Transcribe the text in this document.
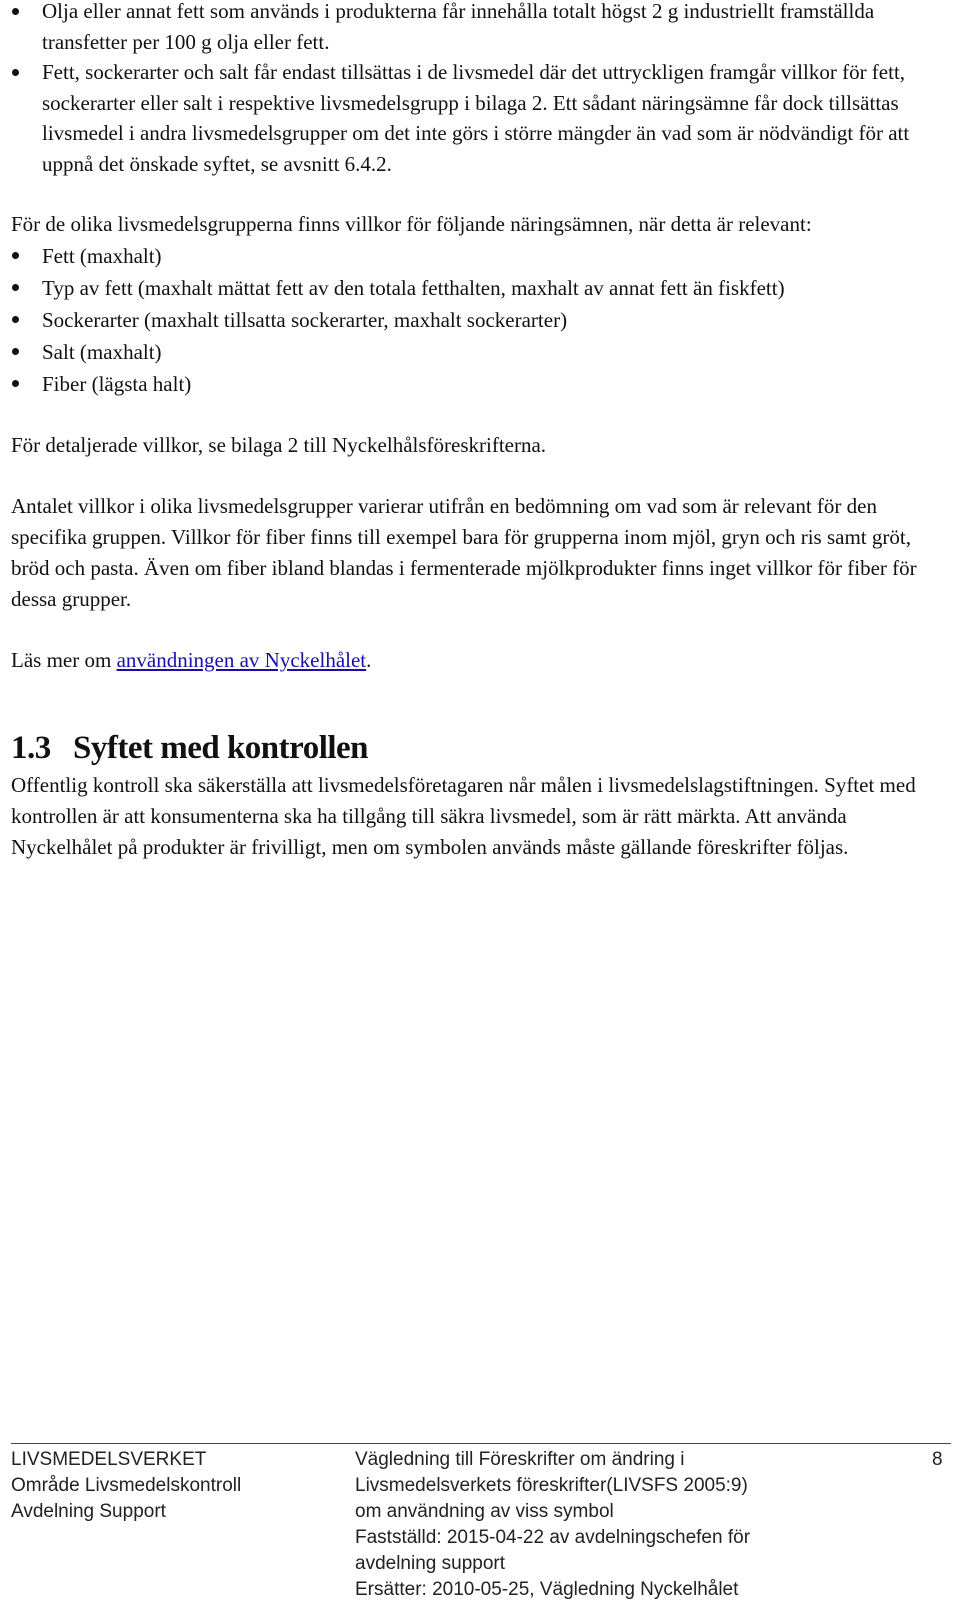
Olja eller annat fett som används i produkterna får innehålla totalt högst 2 g industriellt framställda transfetter per 100 g olja eller fett.
Fett, sockerarter och salt får endast tillsättas i de livsmedel där det uttryckligen framgår villkor för fett, sockerarter eller salt i respektive livsmedelsgrupp i bilaga 2. Ett sådant näringsämne får dock tillsättas livsmedel i andra livsmedelsgrupper om det inte görs i större mängder än vad som är nödvändigt för att uppnå det önskade syftet, se avsnitt 6.4.2.

För de olika livsmedelsgrupperna finns villkor för följande näringsämnen, när detta är relevant:

Fett (maxhalt)
Typ av fett (maxhalt mättat fett av den totala fetthalten, maxhalt av annat fett än fiskfett)
Sockerarter (maxhalt tillsatta sockerarter, maxhalt sockerarter)
Salt (maxhalt)
Fiber (lägsta halt)

För detaljerade villkor, se bilaga 2 till Nyckelhålsföreskrifterna.

Antalet villkor i olika livsmedelsgrupper varierar utifrån en bedömning om vad som är relevant för den specifika gruppen. Villkor för fiber finns till exempel bara för grupperna inom mjöl, gryn och ris samt gröt, bröd och pasta. Även om fiber ibland blandas i fermenterade mjölkprodukter finns inget villkor för fiber för dessa grupper.

Läs mer om användningen av Nyckelhålet.

1.3 Syftet med kontrollen

Offentlig kontroll ska säkerställa att livsmedelsföretagaren når målen i livsmedelslagstiftningen. Syftet med kontrollen är att konsumenterna ska ha tillgång till säkra livsmedel, som är rätt märkta. Att använda Nyckelhålet på produkter är frivilligt, men om symbolen används måste gällande föreskrifter följas.

LIVSMEDELSVERKET
Område Livsmedelskontroll
Avdelning Support
Vägledning till Föreskrifter om ändring i
Livsmedelsverkets föreskrifter(LIVSFS 2005:9)
om användning av viss symbol
Fastställd: 2015-04-22 av avdelningschefen för
avdelning support
Ersätter: 2010-05-25, Vägledning Nyckelhålet
8
